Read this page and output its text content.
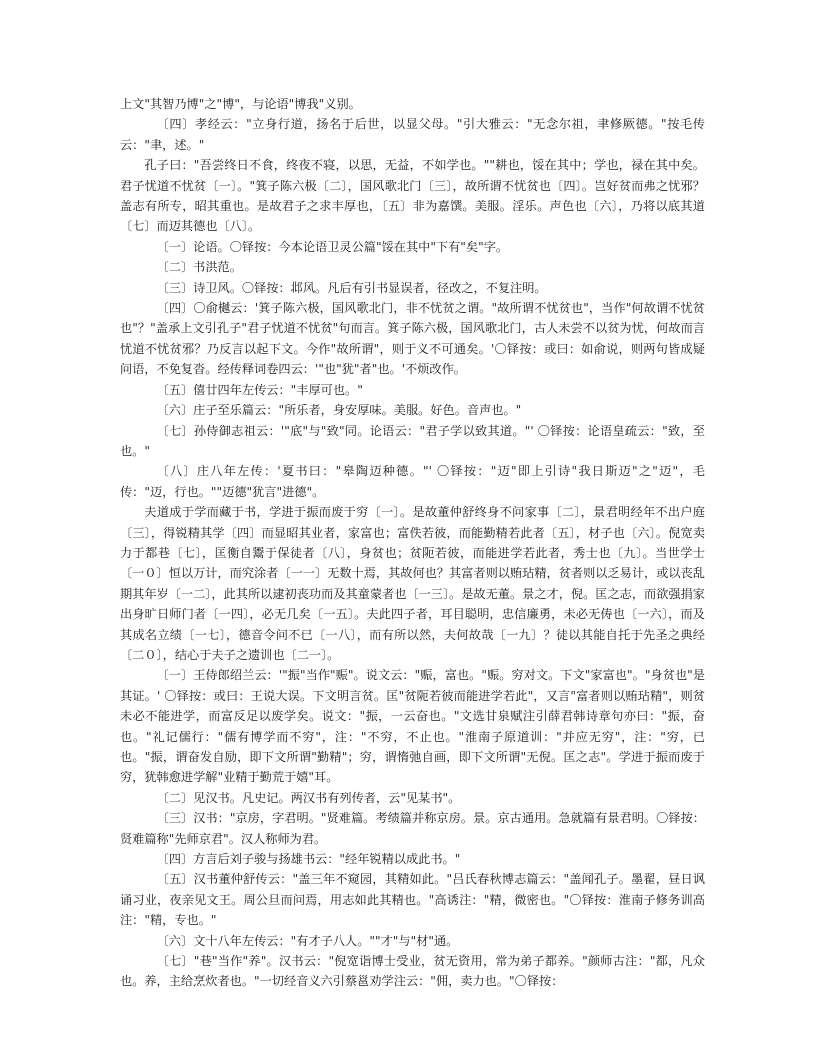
上文"其智乃博"之"博"，与论语"博我"义别。

〔四〕孝经云："立身行道，扬名于后世，以显父母。"引大雅云："无念尔祖，聿修厥德。"按毛传云："聿，述。"

孔子曰："吾尝终日不食，终夜不寝，以思，无益，不如学也。""耕也，馁在其中；学也，禄在其中矣。君子忧道不忧贫〔一〕。"箕子陈六极〔二〕，国风歌北门〔三〕，故所谓不忧贫也〔四〕。岂好贫而弗之忧邪？盖志有所专，昭其重也。是故君子之求丰厚也，〔五〕非为嘉馔。美服。淫乐。声色也〔六〕，乃将以底其道〔七〕而迈其德也〔八〕。

〔一〕论语。〇铎按：今本论语卫灵公篇"馁在其中"下有"矣"字。

〔二〕书洪范。

〔三〕诗卫风。〇铎按：邶风。凡后有引书显误者，径改之，不复注明。

〔四〕〇俞樾云：'箕子陈六极，国风歌北门，非不忧贫之谓。"故所谓不忧贫也"，当作"何故谓不忧贫也"？"盖承上文引孔子"君子忧道不忧贫"句而言。箕子陈六极，国风歌北门，古人未尝不以贫为忧，何故而言忧道不忧贫邪？乃反言以起下文。今作"故所谓"，则于义不可通矣。'〇铎按：或曰：如俞说，则两句皆成疑问语，不免复沓。经传释词卷四云：'"也"犹"者"也。'不烦改作。

〔五〕僖廿四年左传云："丰厚可也。"

〔六〕庄子至乐篇云："所乐者，身安厚味。美服。好色。音声也。"

〔七〕孙侍御志祖云：'"底"与"致"同。论语云："君子学以致其道。"' 〇铎按：论语皇疏云："致，至也。"

〔八〕庄八年左传：'夏书曰："皋陶迈种德。"' 〇铎按："迈"即上引诗"我日斯迈"之"迈"，毛传："迈，行也。""迈德"犹言"进德"。

夫道成于学而藏于书，学进于振而废于穷〔一〕。是故董仲舒终身不问家事〔二〕，景君明经年不出户庭〔三〕，得锐精其学〔四〕而显昭其业者，家富也；富佚若彼，而能勤精若此者〔五〕，材子也〔六〕。倪宽卖力于都巷〔七〕，匡衡自鬻于保徒者〔八〕，身贫也；贫阨若彼，而能进学若此者，秀士也〔九〕。当世学士〔一０〕恒以万计，而究涂者〔一一〕无数十焉，其故何也？其富者则以贿玷精，贫者则以乏易计，或以丧乱期其年岁〔一二〕，此其所以逮初丧功而及其童蒙者也〔一三〕。是故无董。景之才，倪。匡之志，而欲强捐家出身旷日师门者〔一四〕，必无几矣〔一五〕。夫此四子者，耳目聪明，忠信廉勇，未必无俦也〔一六〕，而及其成名立绩〔一七〕，德音令问不已〔一八〕，而有所以然，夫何故哉〔一九〕？徒以其能自托于先圣之典经〔二０〕，结心于夫子之遗训也〔二一〕。

〔一〕王侍郎绍兰云：'"振"当作"赈"。说文云："赈，富也。"赈。穷对文。下文"家富也"。"身贫也"是其证。' 〇铎按：或曰：王说大误。下文明言贫。匡"贫阨若彼而能进学若此"，又言"富者则以贿玷精"，则贫未必不能进学，而富反足以废学矣。说文："振，一云奋也。"文选甘泉赋注引薛君韩诗章句亦曰："振，奋也。"礼记儒行："儒有博学而不穷"，注："不穷，不止也。"淮南子原道训："并应无穷"，注："穷，已也。"振，谓奋发自励，即下文所谓"勤精"；穷，谓惰弛自画，即下文所谓"无倪。匡之志"。学进于振而废于穷，犹韩愈进学解"业精于勤荒于嬉"耳。

〔二〕见汉书。凡史记。两汉书有列传者，云"见某书"。

〔三〕汉书："京房，字君明。"贤难篇。考绩篇并称京房。景。京古通用。急就篇有景君明。〇铎按：贤难篇称"先师京君"。汉人称师为君。

〔四〕方言后刘子骏与扬雄书云："经年锐精以成此书。"

〔五〕汉书董仲舒传云："盖三年不窥园，其精如此。"吕氏春秋博志篇云："盖闻孔子。墨翟，昼日讽诵习业，夜亲见文王。周公旦而问焉，用志如此其精也。"高诱注："精，微密也。"〇铎按：淮南子修务训高注："精，专也。"

〔六〕文十八年左传云："有才子八人。""才"与"材"通。

〔七〕"巷"当作"养"。汉书云："倪宽诣博士受业，贫无资用，常为弟子都养。"颜师古注："都，凡众也。养，主给烹炊者也。"一切经音义六引蔡邕劝学注云："佣，卖力也。"〇铎按：
